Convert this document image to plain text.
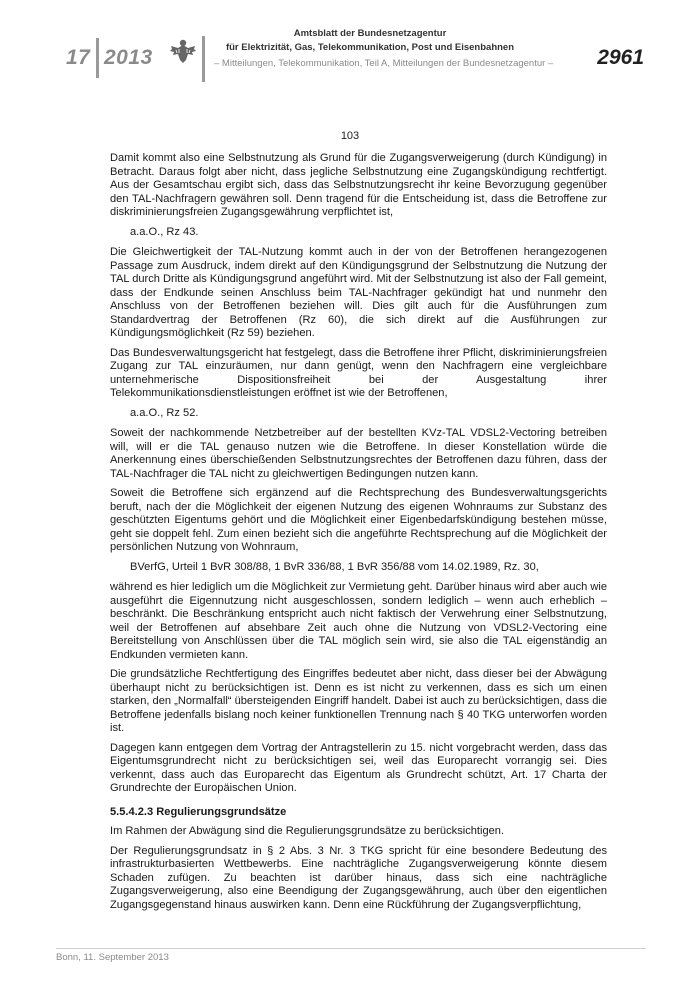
17 2013
Amtsblatt der Bundesnetzagentur
für Elektrizität, Gas, Telekommunikation, Post und Eisenbahnen
– Mitteilungen, Telekommunikation, Teil A, Mitteilungen der Bundesnetzagentur – 2961
103

Damit kommt also eine Selbstnutzung als Grund für die Zugangsverweigerung (durch Kündigung) in Betracht. Daraus folgt aber nicht, dass jegliche Selbstnutzung eine Zugangskündigung rechtfertigt. Aus der Gesamtschau ergibt sich, dass das Selbstnutzungsrecht ihr keine Bevorzugung gegenüber den TAL-Nachfragern gewähren soll. Denn tragend für die Entscheidung ist, dass die Betroffene zur diskriminierungsfreien Zugangsgewährung verpflichtet ist,

a.a.O., Rz 43.

Die Gleichwertigkeit der TAL-Nutzung kommt auch in der von der Betroffenen herangezogenen Passage zum Ausdruck, indem direkt auf den Kündigungsgrund der Selbstnutzung die Nutzung der TAL durch Dritte als Kündigungsgrund angeführt wird. Mit der Selbstnutzung ist also der Fall gemeint, dass der Endkunde seinen Anschluss beim TAL-Nachfrager gekündigt hat und nunmehr den Anschluss von der Betroffenen beziehen will. Dies gilt auch für die Ausführungen zum Standardvertrag der Betroffenen (Rz 60), die sich direkt auf die Ausführungen zur Kündigungsmöglichkeit (Rz 59) beziehen.

Das Bundesverwaltungsgericht hat festgelegt, dass die Betroffene ihrer Pflicht, diskriminierungsfreien Zugang zur TAL einzuräumen, nur dann genügt, wenn den Nachfragern eine vergleichbare unternehmerische Dispositionsfreiheit bei der Ausgestaltung ihrer Telekommunikationsdienstleistungen eröffnet ist wie der Betroffenen,

a.a.O., Rz 52.

Soweit der nachkommende Netzbetreiber auf der bestellten KVz-TAL VDSL2-Vectoring betreiben will, will er die TAL genauso nutzen wie die Betroffene. In dieser Konstellation würde die Anerkennung eines überschießenden Selbstnutzungsrechtes der Betroffenen dazu führen, dass der TAL-Nachfrager die TAL nicht zu gleichwertigen Bedingungen nutzen kann.

Soweit die Betroffene sich ergänzend auf die Rechtsprechung des Bundesverwaltungsgerichts beruft, nach der die Möglichkeit der eigenen Nutzung des eigenen Wohnraums zur Substanz des geschützten Eigentums gehört und die Möglichkeit einer Eigenbedarfskündigung bestehen müsse, geht sie doppelt fehl. Zum einen bezieht sich die angeführte Rechtsprechung auf die Möglichkeit der persönlichen Nutzung von Wohnraum,

BVerfG, Urteil 1 BvR 308/88, 1 BvR 336/88, 1 BvR 356/88 vom 14.02.1989, Rz. 30,

während es hier lediglich um die Möglichkeit zur Vermietung geht. Darüber hinaus wird aber auch wie ausgeführt die Eigennutzung nicht ausgeschlossen, sondern lediglich – wenn auch erheblich – beschränkt. Die Beschränkung entspricht auch nicht faktisch der Verwehrung einer Selbstnutzung, weil der Betroffenen auf absehbare Zeit auch ohne die Nutzung von VDSL2-Vectoring eine Bereitstellung von Anschlüssen über die TAL möglich sein wird, sie also die TAL eigenständig an Endkunden vermieten kann.

Die grundsätzliche Rechtfertigung des Eingriffes bedeutet aber nicht, dass dieser bei der Abwägung überhaupt nicht zu berücksichtigen ist. Denn es ist nicht zu verkennen, dass es sich um einen starken, den „Normalfall“ übersteigenden Eingriff handelt. Dabei ist auch zu berücksichtigen, dass die Betroffene jedenfalls bislang noch keiner funktionellen Trennung nach § 40 TKG unterworfen worden ist.

Dagegen kann entgegen dem Vortrag der Antragstellerin zu 15. nicht vorgebracht werden, dass das Eigentumsgrundrecht nicht zu berücksichtigen sei, weil das Europarecht vorrangig sei. Dies verkennt, dass auch das Europarecht das Eigentum als Grundrecht schützt, Art. 17 Charta der Grundrechte der Europäischen Union.

5.5.4.2.3 Regulierungsgrundsätze

Im Rahmen der Abwägung sind die Regulierungsgrundsätze zu berücksichtigen.

Der Regulierungsgrundsatz in § 2 Abs. 3 Nr. 3 TKG spricht für eine besondere Bedeutung des infrastrukturbasierten Wettbewerbs. Eine nachträgliche Zugangsverweigerung könnte diesem Schaden zufügen. Zu beachten ist darüber hinaus, dass sich eine nachträgliche Zugangsverweigerung, also eine Beendigung der Zugangsgewährung, auch über den eigentlichen Zugangsgegenstand hinaus auswirken kann. Denn eine Rückführung der Zugangsverpflichtung,

Bonn, 11. September 2013
